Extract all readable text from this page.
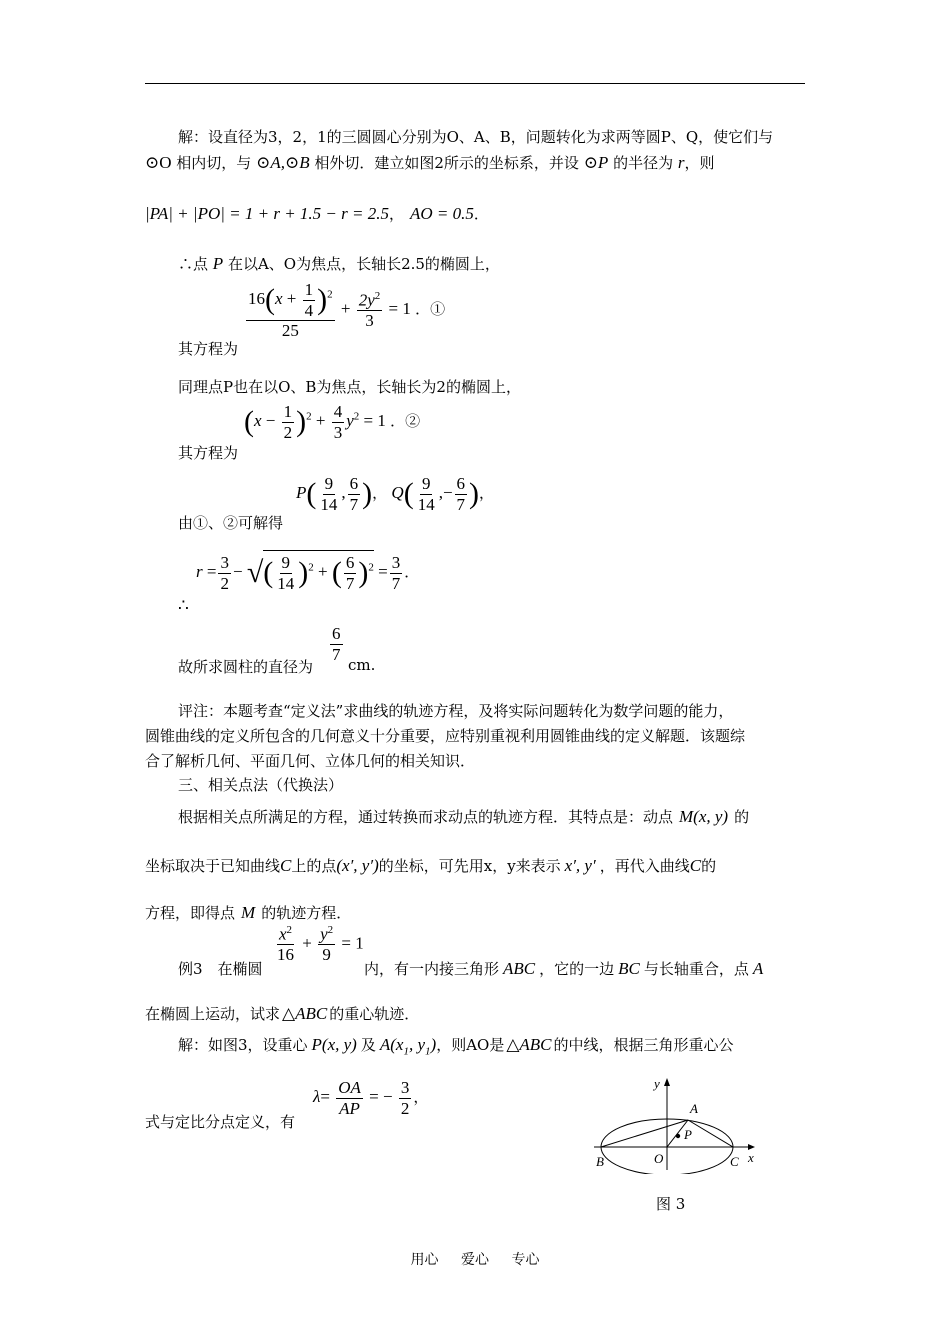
解：设直径为3，2，1的三圆圆心分别为O、A、B，问题转化为求两等圆P、Q，使它们与
⊙O 相内切，与 ⊙A,⊙B 相外切．建立如图2所示的坐标系，并设 ⊙P 的半径为 r，则
|PA| + |PO| = 1 + r + 1.5 − r = 2.5， AO = 0.5．
∴点 P 在以A、O为焦点，长轴长2.5的椭圆上，
其方程为
$\frac{16(x + \frac{1}{4} )^2}{25} + \frac{2y^2}{3} = 1$ ．①
同理点P也在以O、B为焦点，长轴长为2的椭圆上，
其方程为
$(x - \frac{1}{2} )^2 + \frac{4}{3} y^2 = 1$ ．②
由①、②可解得
$P( \frac{9}{14}$ , $\frac{6}{7}$ )， $Q( \frac{9}{14}$ ,− $\frac{6}{7}$ )，
∴
$r = \frac{3}{2}$ − √( $\frac{9}{14} )^2$ + ( $\frac{6}{7} )^2 = \frac{3}{7}$ ．
故所求圆柱的直径为
$\frac{6}{7}$
cm.
评注：本题考查“定义法”求曲线的轨迹方程，及将实际问题转化为数学问题的能力，
圆锥曲线的定义所包含的几何意义十分重要，应特别重视利用圆锥曲线的定义解题．该题综
合了解析几何、平面几何、立体几何的相关知识．
三、相关点法（代换法）
根据相关点所满足的方程，通过转换而求动点的轨迹方程．其特点是：动点 M(x, y) 的
坐标取决于已知曲线C上的点(x′, y′)的坐标，可先用x，y来表示 x′, y′ ，再代入曲线C的
方程，即得点 M 的轨迹方程．
例3　在椭圆
$\frac{x^2}{16} + \frac{y^2}{9} = 1$
内，有一内接三角形 ABC ，它的一边 BC 与长轴重合，点 A
在椭圆上运动，试求 △ABC 的重心轨迹．
解：如图3，设重心 P(x, y) 及 $A(x_1$, $y_1$)，则AO是 △ABC 的中线，根据三角形重心公
式与定比分点定义，有
$\lambda= \frac{OA}{AP}$ = − $\frac{3}{2}$ ，
y
x
A
B	C
O
P
图 3
用心 爱心 专心
